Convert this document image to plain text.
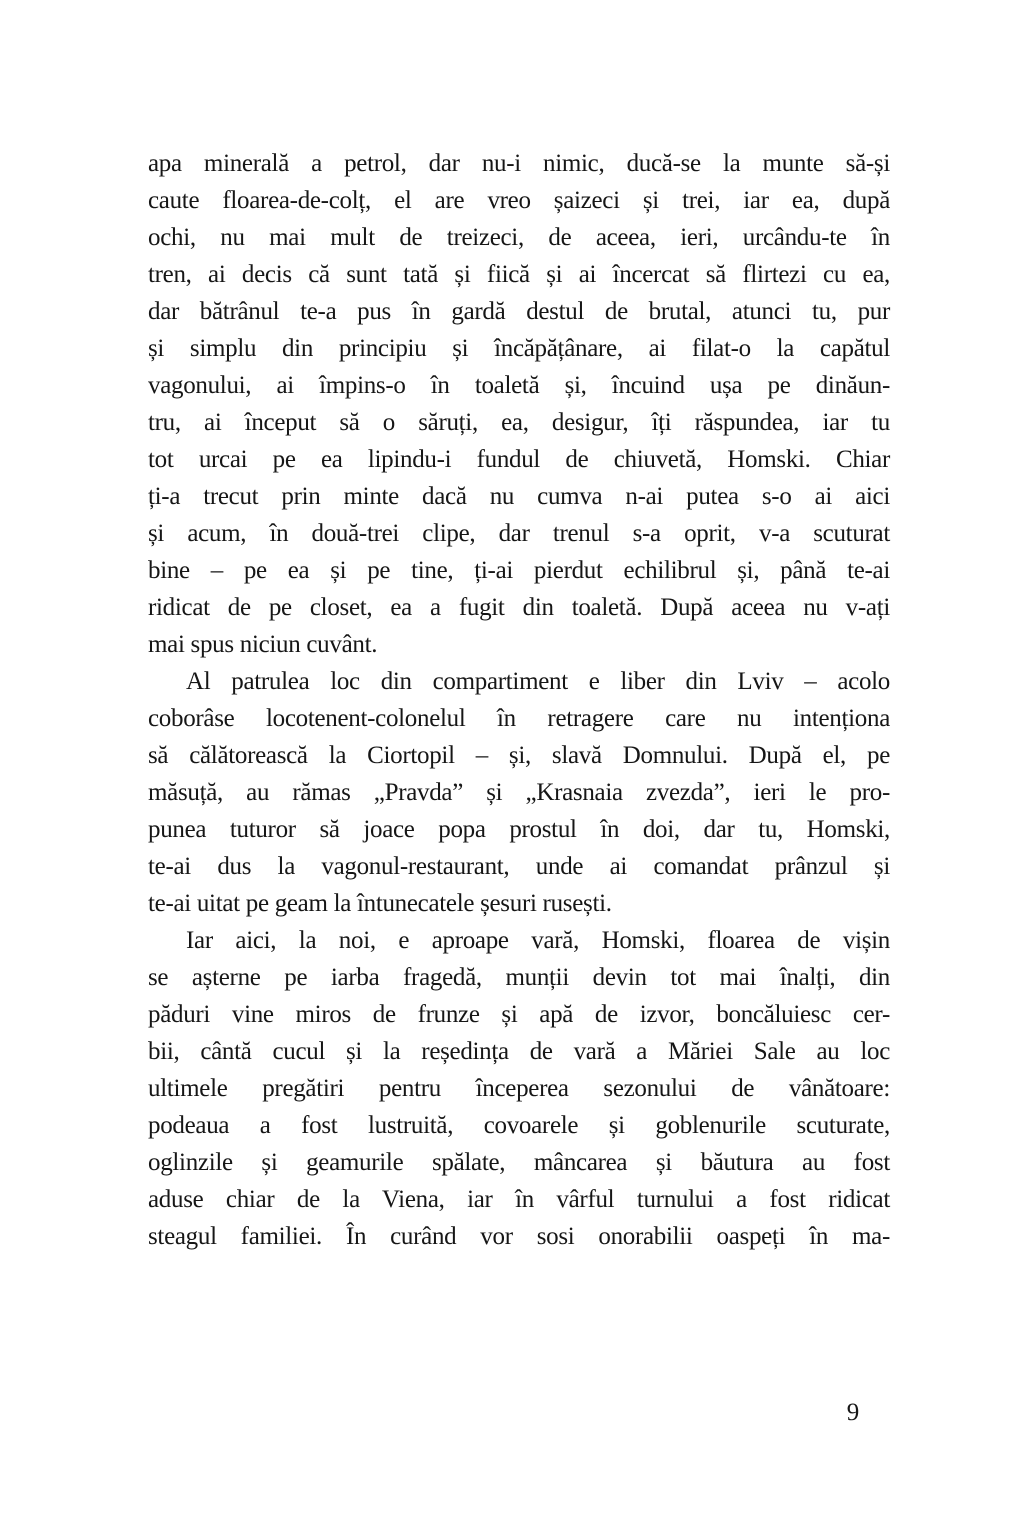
apa minerală a petrol, dar nu-i nimic, ducă-se la munte să-și
caute floarea-de-colț, el are vreo șaizeci și trei, iar ea, după
ochi, nu mai mult de treizeci, de aceea, ieri, urcându-te în
tren, ai decis că sunt tată și fiică și ai încercat să flirtezi cu ea,
dar bătrânul te-a pus în gardă destul de brutal, atunci tu, pur
și simplu din principiu și încăpățânare, ai filat-o la capătul
vagonului, ai împins-o în toaletă și, încuind ușa pe dinăun-
tru, ai început să o săruți, ea, desigur, îți răspundea, iar tu
tot urcai pe ea lipindu-i fundul de chiuvetă, Homski. Chiar
ți-a trecut prin minte dacă nu cumva n-ai putea s-o ai aici
și acum, în două-trei clipe, dar trenul s-a oprit, v-a scuturat
bine – pe ea și pe tine, ți-ai pierdut echilibrul și, până te-ai
ridicat de pe closet, ea a fugit din toaletă. După aceea nu v-ați
mai spus niciun cuvânt.
Al patrulea loc din compartiment e liber din Lviv – acolo
coborâse locotenent-colonelul în retragere care nu intenționa
să călătorească la Ciortopil – și, slavă Domnului. După el, pe
măsuță, au rămas „Pravda” și „Krasnaia zvezda”, ieri le pro-
punea tuturor să joace popa prostul în doi, dar tu, Homski,
te-ai dus la vagonul-restaurant, unde ai comandat prânzul și
te-ai uitat pe geam la întunecatele șesuri rusești.
Iar aici, la noi, e aproape vară, Homski, floarea de vișin
se așterne pe iarba fragedă, munții devin tot mai înalți, din
păduri vine miros de frunze și apă de izvor, boncăluiesc cer-
bii, cântă cucul și la reședința de vară a Măriei Sale au loc
ultimele pregătiri pentru începerea sezonului de vânătoare:
podeaua a fost lustruită, covoarele și goblenurile scuturate,
oglinzile și geamurile spălate, mâncarea și băutura au fost
aduse chiar de la Viena, iar în vârful turnului a fost ridicat
steagul familiei. În curând vor sosi onorabilii oaspeți în ma-
9
